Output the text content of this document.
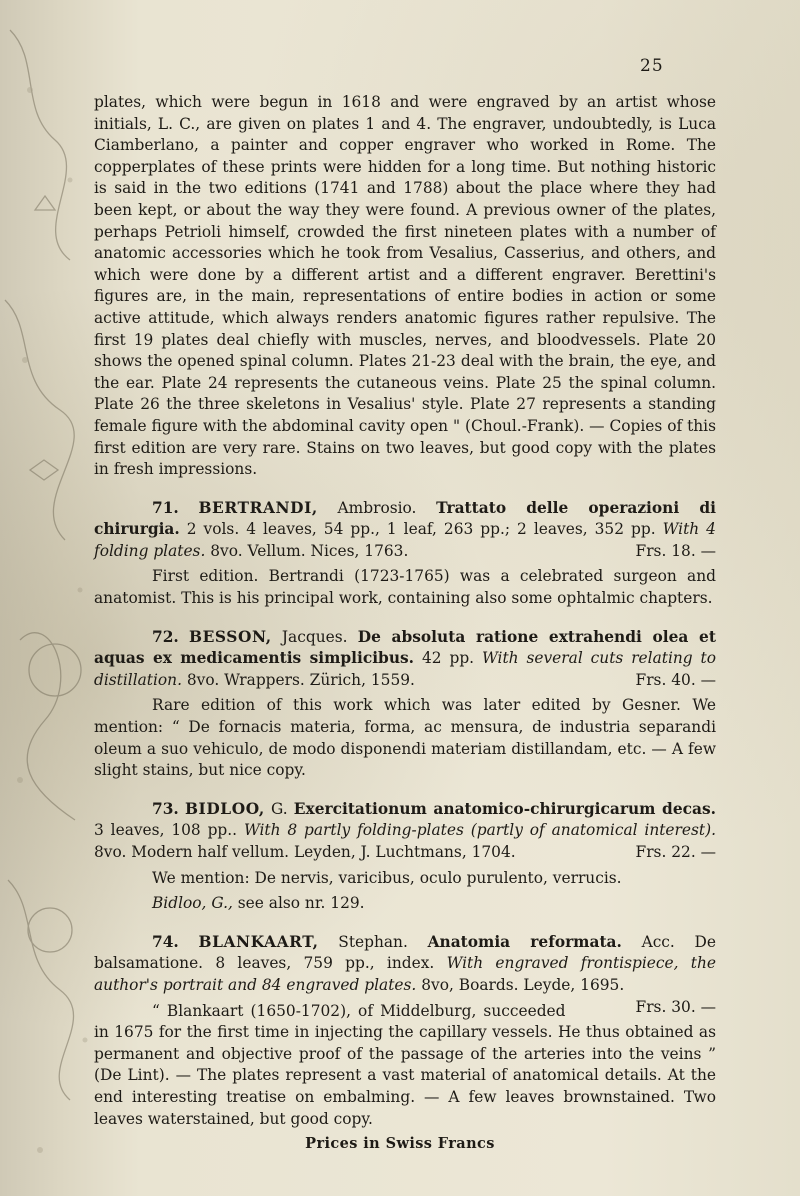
25

plates, which were begun in 1618 and were engraved by an artist whose initials, L. C., are given on plates 1 and 4. The engraver, undoubtedly, is Luca Ciamberlano, a painter and copper engraver who worked in Rome. The copperplates of these prints were hidden for a long time. But nothing historic is said in the two editions (1741 and 1788) about the place where they had been kept, or about the way they were found. A previous owner of the plates, perhaps Petrioli himself, crowded the first nineteen plates with a number of anatomic accessories which he took from Vesalius, Casserius, and others, and which were done by a different artist and a different engraver. Berettini's figures are, in the main, representations of entire bodies in action or some active attitude, which always renders anatomic figures rather repulsive. The first 19 plates deal chiefly with muscles, nerves, and bloodvessels. Plate 20 shows the opened spinal column. Plates 21-23 deal with the brain, the eye, and the ear. Plate 24 represents the cutaneous veins. Plate 25 the spinal column. Plate 26 the three skeletons in Vesalius' style. Plate 27 represents a standing female figure with the abdominal cavity open " (Choul.-Frank). — Copies of this first edition are very rare. Stains on two leaves, but good copy with the plates in fresh impressions.

71. BERTRANDI, Ambrosio. Trattato delle operazioni di chirurgia. 2 vols. 4 leaves, 54 pp., 1 leaf, 263 pp.; 2 leaves, 352 pp. With 4 folding plates. 8vo. Vellum. Nices, 1763.	Frs. 18. —

First edition. Bertrandi (1723-1765) was a celebrated surgeon and anatomist. This is his principal work, containing also some ophtalmic chapters.

72. BESSON, Jacques. De absoluta ratione extrahendi olea et aquas ex medicamentis simplicibus. 42 pp. With several cuts relating to distillation. 8vo. Wrappers. Zürich, 1559.	Frs. 40. —

Rare edition of this work which was later edited by Gesner. We mention: “ De fornacis materia, forma, ac mensura, de industria separandi oleum a suo vehiculo, de modo disponendi materiam distillandam, etc. — A few slight stains, but nice copy.

73. BIDLOO, G. Exercitationum anatomico-chirurgicarum decas. 3 leaves, 108 pp.. With 8 partly folding-plates (partly of anatomical interest). 8vo. Modern half vellum. Leyden, J. Luchtmans, 1704.	Frs. 22. —

We mention: De nervis, varicibus, oculo purulento, verrucis.

Bidloo, G., see also nr. 129.

74. BLANKAART, Stephan. Anatomia reformata. Acc. De balsamatione. 8 leaves, 759 pp., index. With engraved frontispiece, the author's portrait and 84 engraved plates. 8vo, Boards. Leyde, 1695.
Frs. 30. —

“ Blankaart (1650-1702), of Middelburg, succeeded in 1675 for the first time in injecting the capillary vessels. He thus obtained as permanent and objective proof of the passage of the arteries into the veins ” (De Lint). — The plates represent a vast material of anatomical details. At the end interesting treatise on embalming. — A few leaves brownstained. Two leaves waterstained, but good copy.

Prices in Swiss Francs
